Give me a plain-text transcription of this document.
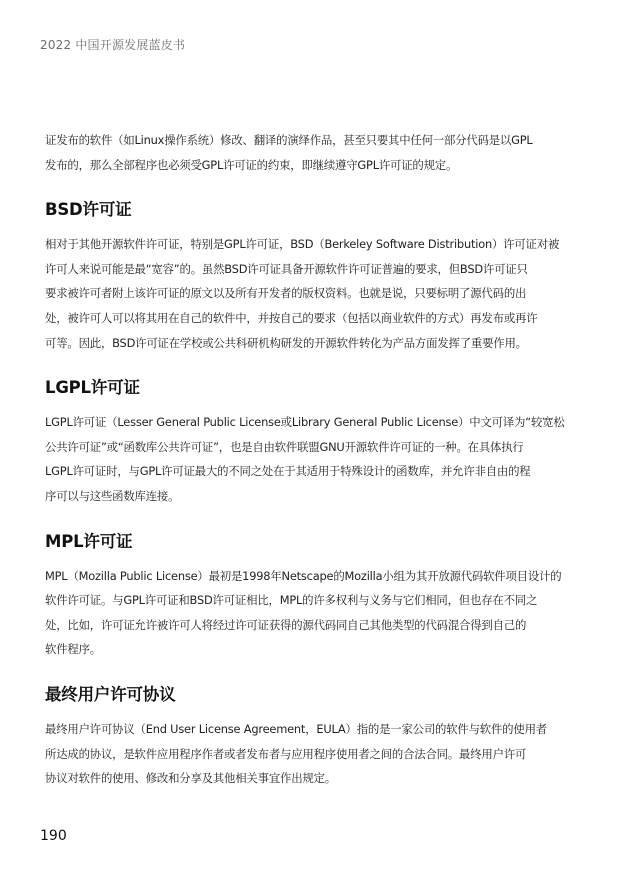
2022 中国开源发展蓝皮书

证发布的软件（如Linux操作系统）修改、翻译的演绎作品，甚至只要其中任何一部分代码是以GPL
发布的，那么全部程序也必须受GPL许可证的约束，即继续遵守GPL许可证的规定。

BSD许可证

相对于其他开源软件许可证，特别是GPL许可证，BSD（Berkeley Software Distribution）许可证对被
许可人来说可能是最“宽容”的。虽然BSD许可证具备开源软件许可证普遍的要求，但BSD许可证只
要求被许可者附上该许可证的原文以及所有开发者的版权资料。也就是说，只要标明了源代码的出
处，被许可人可以将其用在自己的软件中，并按自己的要求（包括以商业软件的方式）再发布或再许
可等。因此，BSD许可证在学校或公共科研机构研发的开源软件转化为产品方面发挥了重要作用。

LGPL许可证

LGPL许可证（Lesser General Public License或Library General Public License）中文可译为“较宽松
公共许可证”或“函数库公共许可证”，也是自由软件联盟GNU开源软件许可证的一种。在具体执行
LGPL许可证时，与GPL许可证最大的不同之处在于其适用于特殊设计的函数库，并允许非自由的程
序可以与这些函数库连接。

MPL许可证

MPL（Mozilla Public License）最初是1998年Netscape的Mozilla小组为其开放源代码软件项目设计的
软件许可证。与GPL许可证和BSD许可证相比，MPL的许多权利与义务与它们相同，但也存在不同之
处，比如，许可证允许被许可人将经过许可证获得的源代码同自己其他类型的代码混合得到自己的
软件程序。

最终用户许可协议

最终用户许可协议（End User License Agreement，EULA）指的是一家公司的软件与软件的使用者
所达成的协议，是软件应用程序作者或者发布者与应用程序使用者之间的合法合同。最终用户许可
协议对软件的使用、修改和分享及其他相关事宜作出规定。

190
